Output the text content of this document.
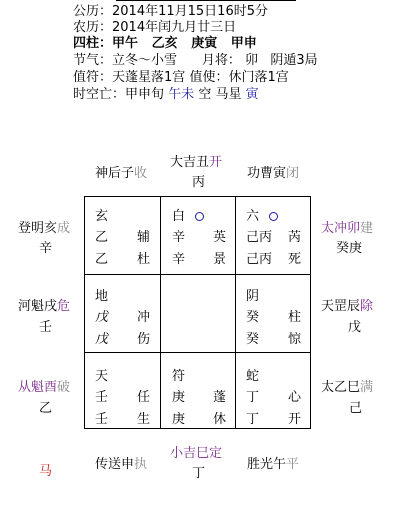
公历：2014年11月15日16时5分
农历：2014年闰九月廿三日
四柱：甲午 乙亥 庚寅 甲申
节气：立冬～小雪 月将： 卯 阴遁3局
值符：天蓬星落1宫 值使：休门落1宫
时空亡：甲申旬 午未 空 马星 寅
神后子收
大吉丑开
丙
功曹寅闭
登明亥成
辛
河魁戌危
壬
从魁酉破
乙
太冲卯建
癸庚
天罡辰除
戊
太乙巳满
己
传送申执
小吉巳定
丁
胜光午平
马
玄
乙 辅
乙 杜
白
辛 英
辛 景
六
己丙 芮
己丙 死
地
戊 冲
戊 伤
阴
癸 柱
癸 惊
天
壬 任
壬 生
符
庚 蓬
庚 休
蛇
丁 心
丁 开
